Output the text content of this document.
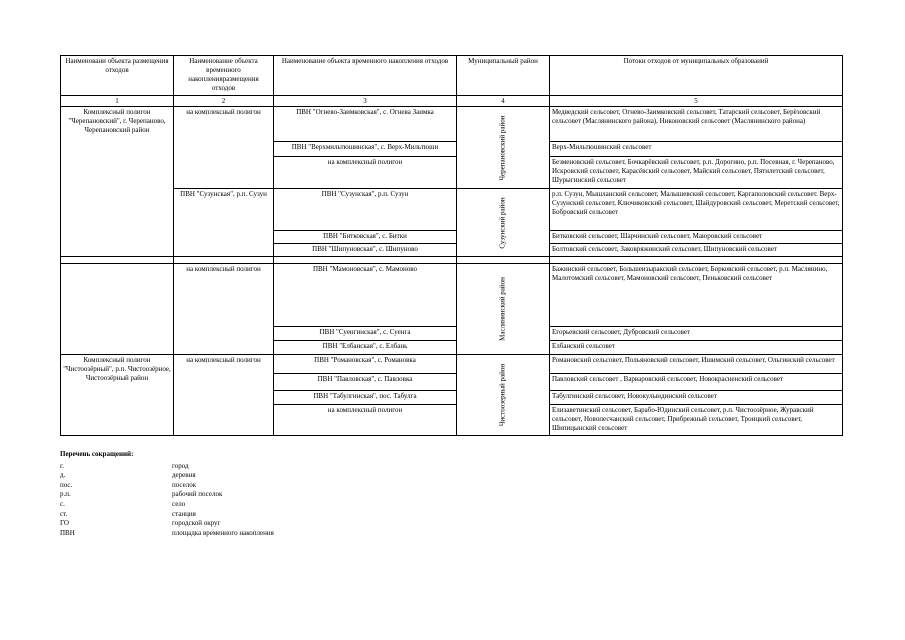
Наименовани объекта размещения отходов	Наименование объекта временного накопленияразмещения отходов	Наименование объекта временного накопления отходов	Муниципальный район	Потоки отходов от муниципальных образований
1	2	3	4	5
Комплексный полигон "Черепановский", г. Черепаново, Черепановский район	на комплексный полигон	ПВН "Огнево-Заимковская", с. Огнева Заимка	Черепановский район	Медведский сельсовет, Огнево-Заимковский сельсовет, Татарский сельсовет, Берёзовский сельсовет (Маслянинского района), Никоновский сельсовет (Маслянинского района)
		ПВН "Верхмильтюшинская", с. Верх-Мильтюши		Верх-Мильтюшинский сельсовет
		на комплексный полигон		Безменовский сельсовет, Бочкарёвский сельсовет, р.п. Дорогино, р.п. Посевная, г. Черепаново, Искровский сельсовет, Карасёвский сельсовет, Майский сельсовет, Пятилетский сельсовет, Шурыгинский сельсовет
	ПВН "Сузунская", р.п. Сузун	ПВН "Сузунская", р.п. Сузун	Сузунский район	р.п. Сузун, Мышланский сельсовет, Малышевский сельсовет, Каргаполовский сельсовет. Верх-Сузунский сельсовет, Ключиковский сельсовет, Шайдуровский сельсовет, Меретский сельсовет, Бобровский сельсовет
		ПВН "Битковская", с. Битки		Битковский сельсовет, Шарчинский сельсовет, Маюровский сельсовет
		ПВН "Шипуновская", с. Шипуново		Болтовский сельсовет, Заковряжинский сельсовет, Шипуновский сельсовет

	на комплексный полигон	ПВН "Мамоновская", с. Мамоново	Маслянинский район	Бажинский сельсовет, Большеизыракский сельсовет, Борковский сельсовет, р.п. Маслянино, Малотомский сельсовет, Мамоновский сельсовет, Пеньковский сельсовет
		ПВН "Суенгинская", с. Суенга		Егорьевский сельсовет, Дубровский сельсовет
		ПВН "Елбанская", с. Елбань		Елбанский сельсовет
Комплексный полигон "Чистоозёрный", р.п. Чистоозёрное, Чистоозёрный район	на комплексный полигон	ПВН "Романовская", с. Романовка	Чистоозерный район	Романовский сельсовет, Польяновский сельсовет, Ишимский сельсовет, Ольгинский сельсовет
		ПВН "Павловская", с. Павловка		Павловский сельсовет , Варваровский сельсовет, Новокрасненский сельсовет
		ПВН "Табулгинская", пос. Табулга		Табулгинский сельсовет, Новокулындинский сельсовет
		на комплексный полигон		Елизаветинский сельсовет, Барабо-Юдинский сельсовет, р.п. Чистоозёрное, Журавский сельсовет, Новопесчанский сельсовет, Прибрежный сельсовет, Троицкий сельсовет, Шипицынский сельсовет
Перечень сокращений:
г.	город
д.	деревня
пос.	поселок
р.п.	рабочий поселок
с.	село
ст.	станция
ГО	городской округ
ПВН	площадка временного накопления
